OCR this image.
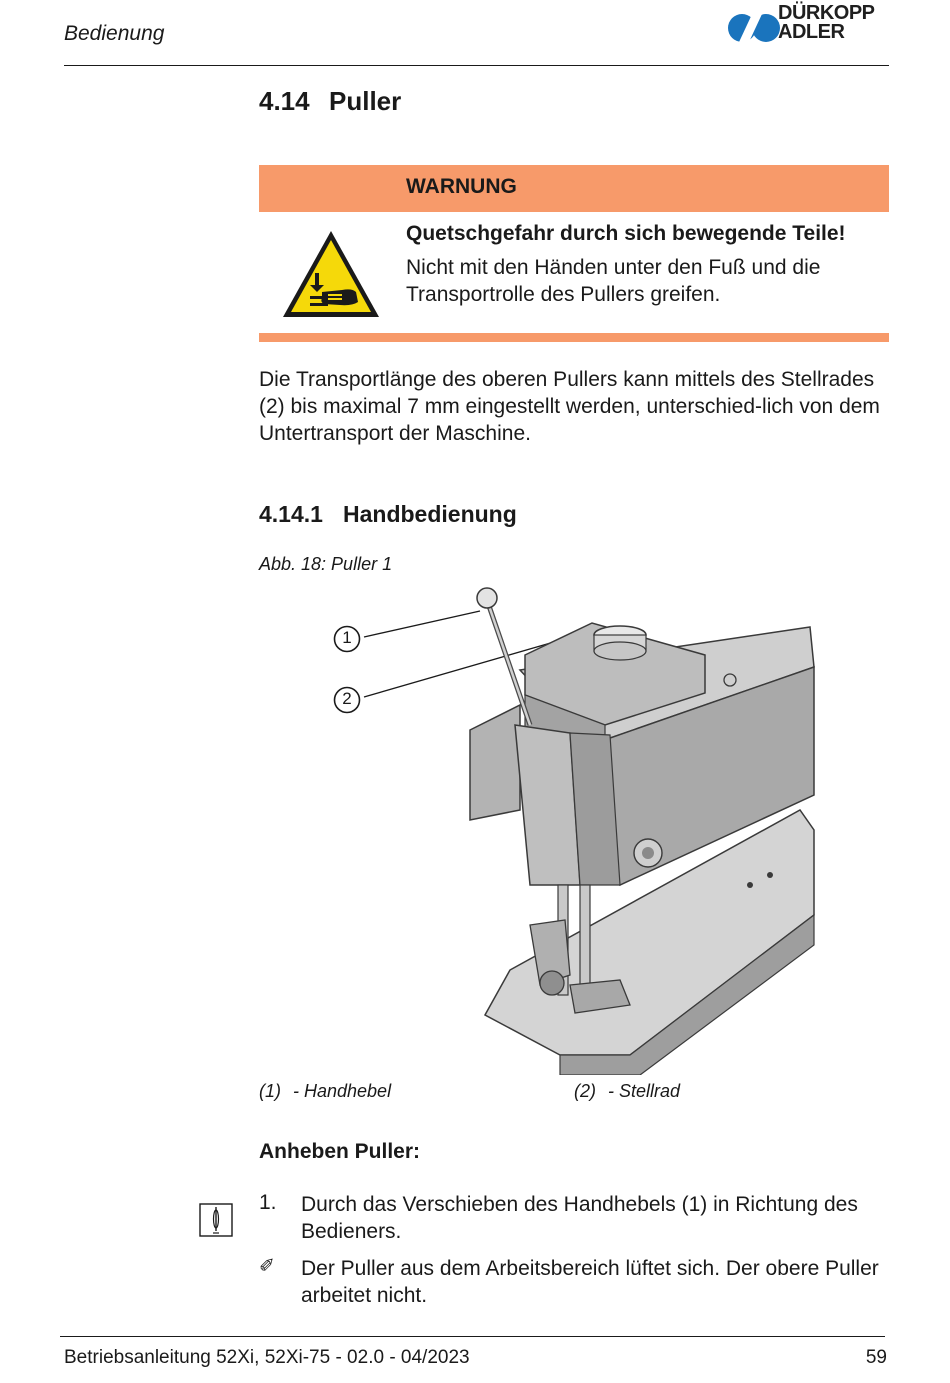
Bedienung
DÜRKOPP
ADLER
4.14 Puller
WARNUNG
Quetschgefahr durch sich bewegende Teile!
Nicht mit den Händen unter den Fuß und die Transportrolle des Pullers greifen.
Die Transportlänge des oberen Pullers kann mittels des Stellrades (2) bis maximal 7 mm eingestellt werden, unterschied-lich von dem Untertransport der Maschine.
4.14.1 Handbedienung
Abb. 18: Puller 1
1
2
(1) - Handhebel	(2) - Stellrad
Anheben Puller:
1. Durch das Verschieben des Handhebels (1) in Richtung des Bedieners.
✐ Der Puller aus dem Arbeitsbereich lüftet sich. Der obere Puller arbeitet nicht.
Betriebsanleitung 52Xi, 52Xi-75 - 02.0 - 04/2023	59
